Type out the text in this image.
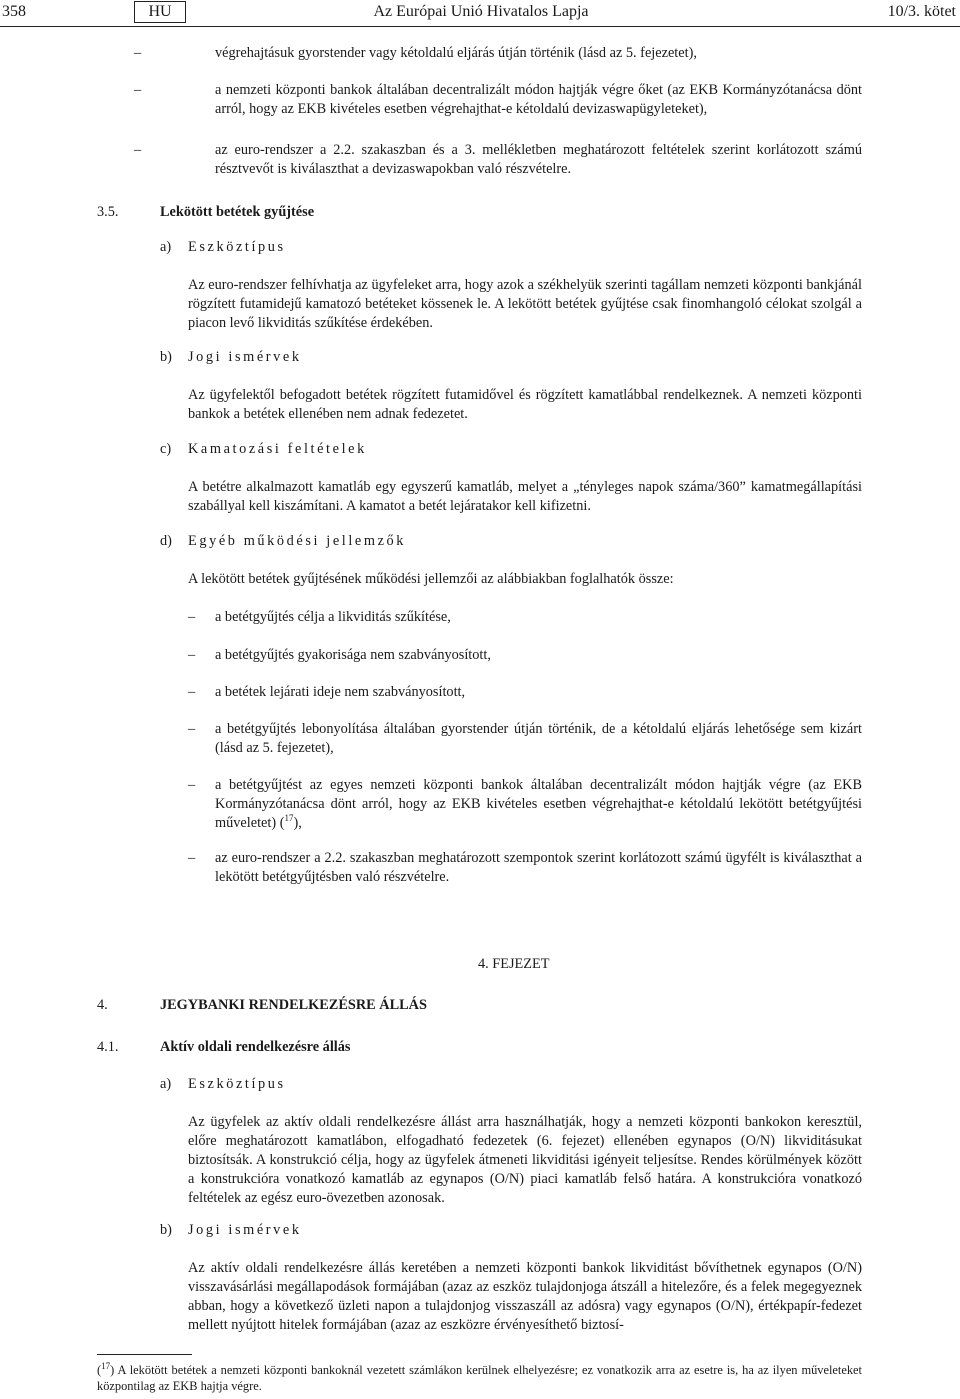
358	HU	Az Európai Unió Hivatalos Lapja	10/3. kötet
–	végrehajtásuk gyorstender vagy kétoldalú eljárás útján történik (lásd az 5. fejezetet),

–	a nemzeti központi bankok általában decentralizált módon hajtják végre őket (az EKB Kormányzótanácsa dönt arról, hogy az EKB kivételes esetben végrehajthat-e kétoldalú devizaswapügyleteket),

–	az euro-rendszer a 2.2. szakaszban és a 3. mellékletben meghatározott feltételek szerint korlátozott számú résztvevőt is kiválaszthat a devizaswapokban való részvételre.

3.5.	Lekötött betétek gyűjtése
a) Eszköztípus

Az euro-rendszer felhívhatja az ügyfeleket arra, hogy azok a székhelyük szerinti tagállam nemzeti központi bankjánál rögzített futamidejű kamatozó betéteket kössenek le. A lekötött betétek gyűjtése csak finomhangoló célokat szolgál a piacon levő likviditás szűkítése érdekében.

b) Jogi ismérvek

Az ügyfelektől befogadott betétek rögzített futamidővel és rögzített kamatlábbal rendelkeznek. A nemzeti központi bankok a betétek ellenében nem adnak fedezetet.

c) Kamatozási feltételek

A betétre alkalmazott kamatláb egy egyszerű kamatláb, melyet a „tényleges napok száma/360” kamatmegállapítási szabállyal kell kiszámítani. A kamatot a betét lejáratakor kell kifizetni.

d) Egyéb működési jellemzők

A lekötött betétek gyűjtésének működési jellemzői az alábbiakban foglalhatók össze:

– a betétgyűjtés célja a likviditás szűkítése,

– a betétgyűjtés gyakorisága nem szabványosított,

– a betétek lejárati ideje nem szabványosított,

– a betétgyűjtés lebonyolítása általában gyorstender útján történik, de a kétoldalú eljárás lehetősége sem kizárt (lásd az 5. fejezetet),

– a betétgyűjtést az egyes nemzeti központi bankok általában decentralizált módon hajtják végre (az EKB Kormányzótanácsa dönt arról, hogy az EKB kivételes esetben végrehajthat-e kétoldalú lekötött betétgyűjtési műveletet) ($^{17}$),

– az euro-rendszer a 2.2. szakaszban meghatározott szempontok szerint korlátozott számú ügyfélt is kiválaszthat a lekötött betétgyűjtésben való részvételre.

4. FEJEZET
4.	JEGYBANKI RENDELKEZÉSRE ÁLLÁS
4.1.	Aktív oldali rendelkezésre állás
a) Eszköztípus

Az ügyfelek az aktív oldali rendelkezésre állást arra használhatják, hogy a nemzeti központi bankokon keresztül, előre meghatározott kamatlábon, elfogadható fedezetek (6. fejezet) ellenében egynapos (O/N) likviditásukat biztosítsák. A konstrukció célja, hogy az ügyfelek átmeneti likviditási igényeit teljesítse. Rendes körülmények között a konstrukcióra vonatkozó kamatláb az egynapos (O/N) piaci kamatláb felső határa. A konstrukcióra vonatkozó feltételek az egész euro-övezetben azonosak.

b) Jogi ismérvek

Az aktív oldali rendelkezésre állás keretében a nemzeti központi bankok likviditást bővíthetnek egynapos (O/N) visszavásárlási megállapodások formájában (azaz az eszköz tulajdonjoga átszáll a hitelezőre, és a felek megegyeznek abban, hogy a következő üzleti napon a tulajdonjog visszaszáll az adósra) vagy egynapos (O/N), értékpapír-fedezet mellett nyújtott hitelek formájában (azaz az eszközre érvényesíthető biztosí-

($^{17}$) A lekötött betétek a nemzeti központi bankoknál vezetett számlákon kerülnek elhelyezésre; ez vonatkozik arra az esetre is, ha az ilyen műveleteket központilag az EKB hajtja végre.
